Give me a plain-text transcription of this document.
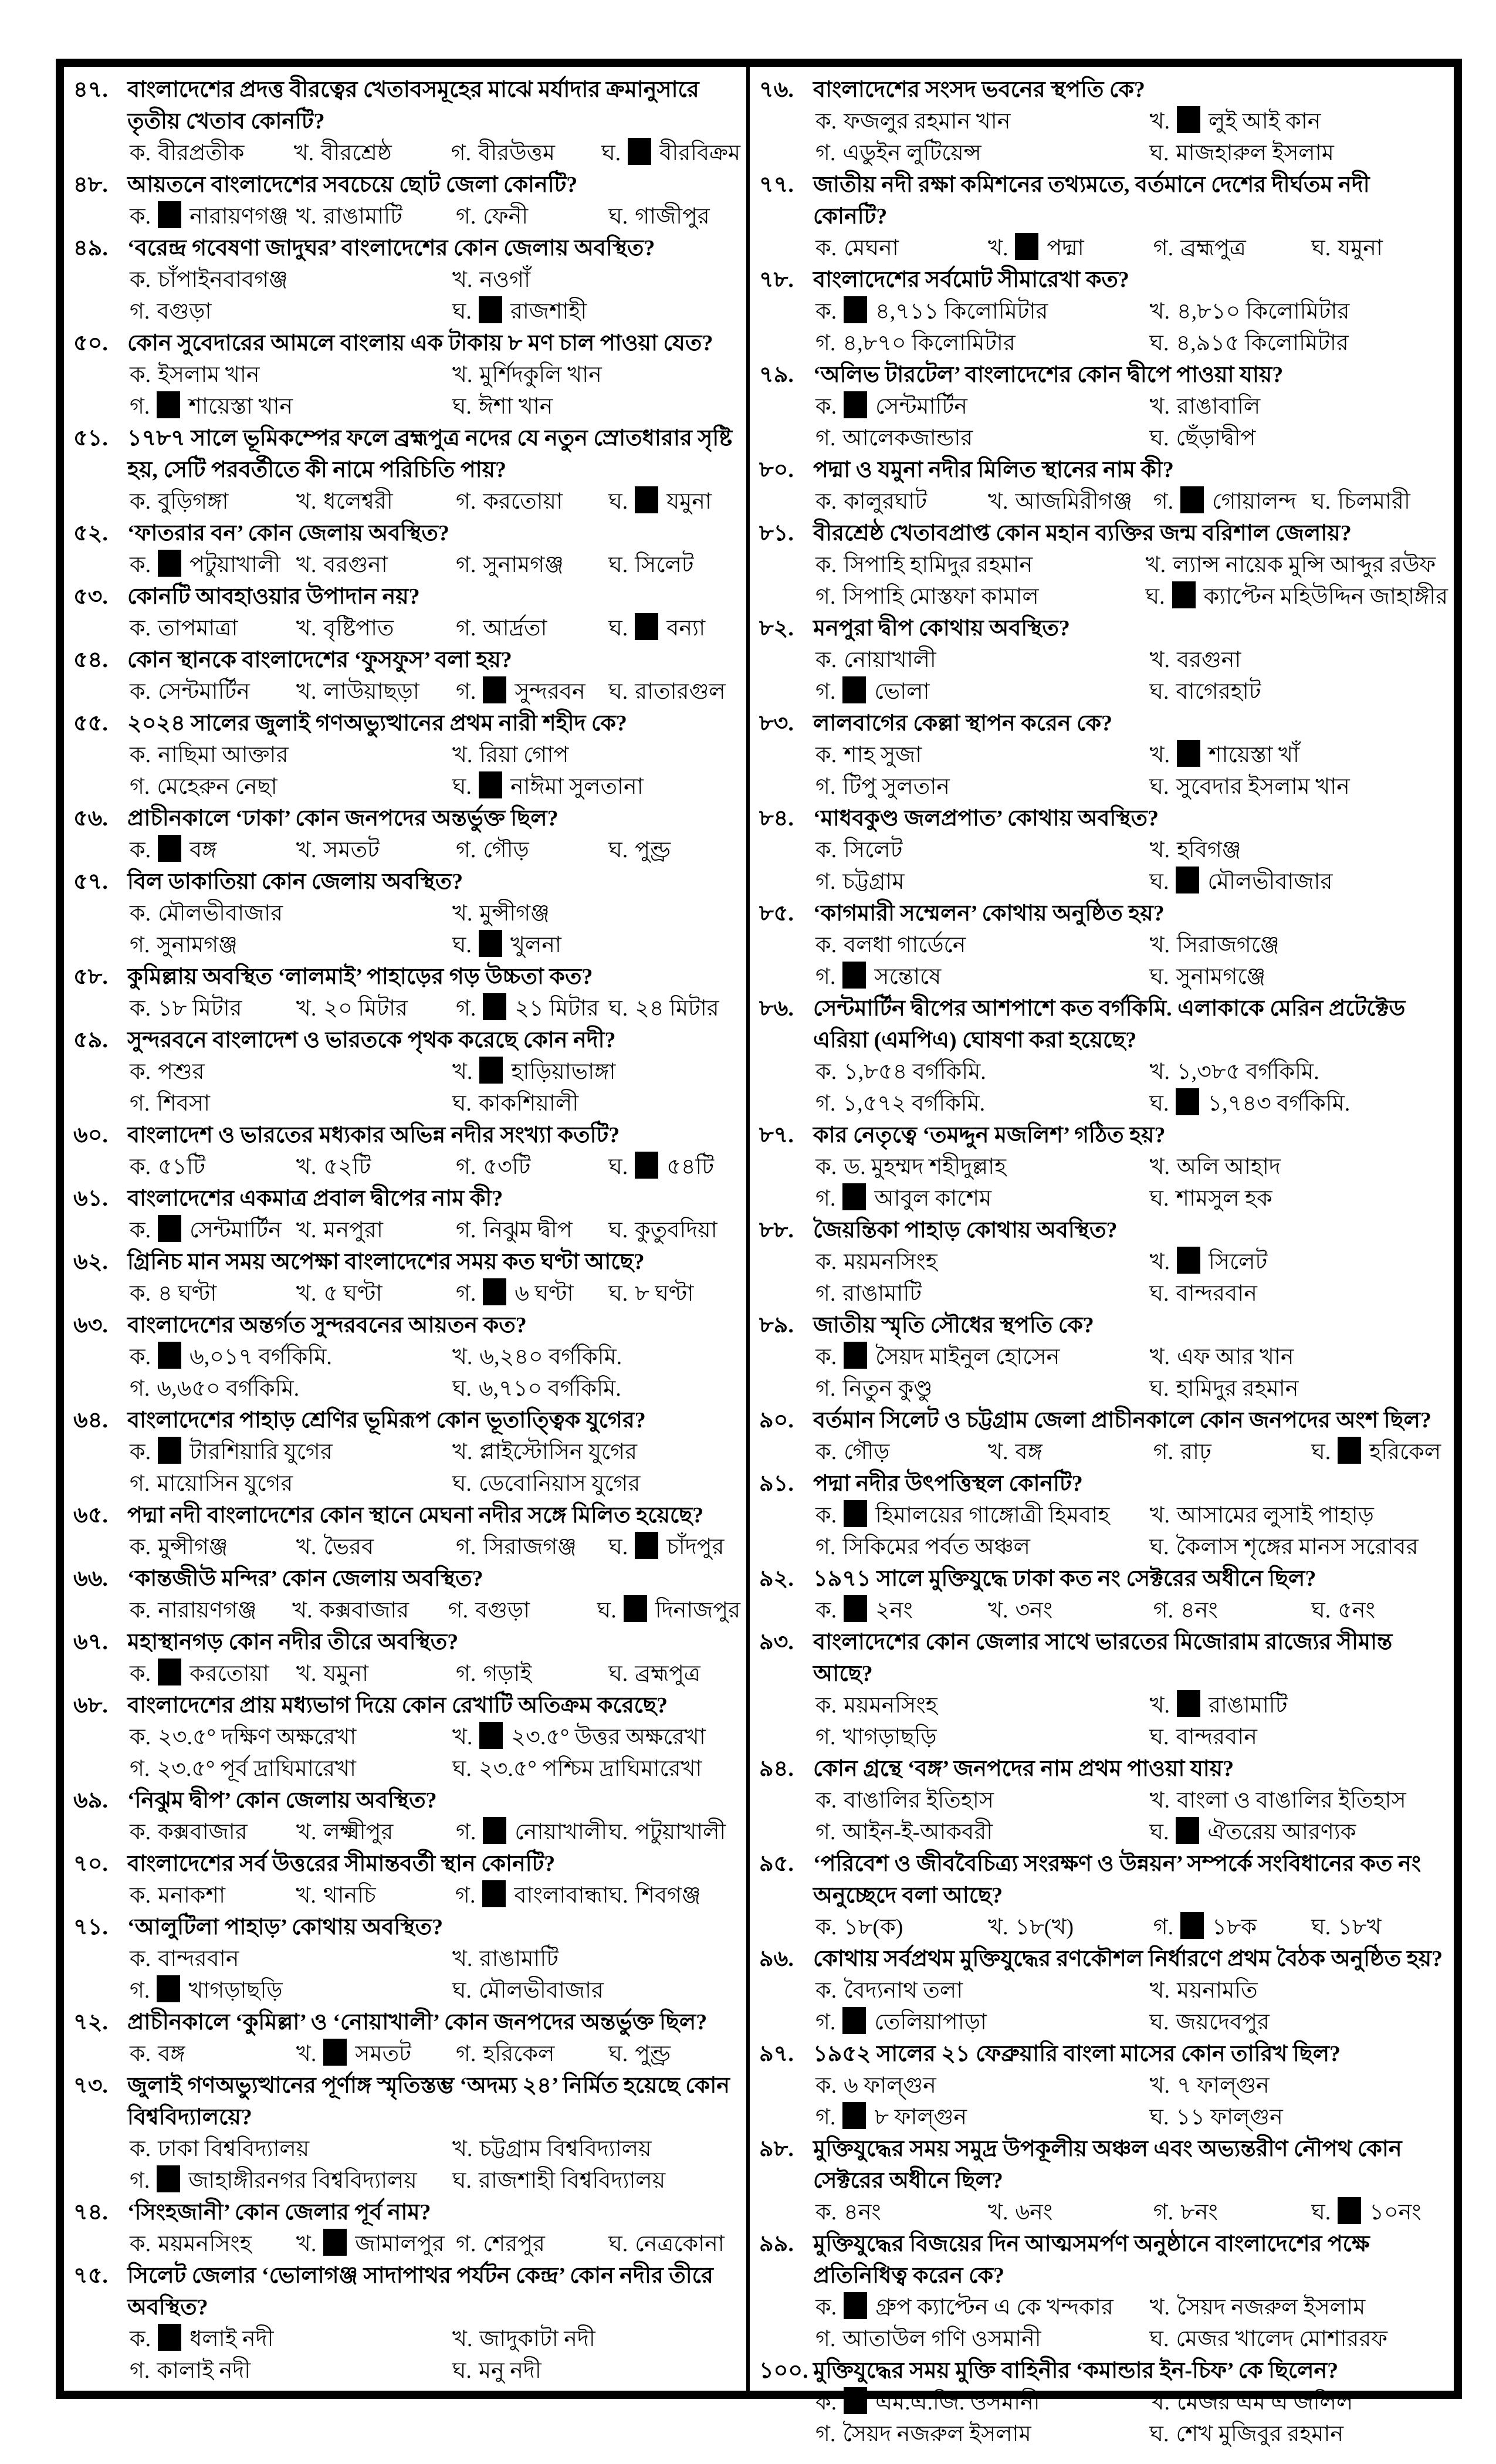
৪৭. বাংলাদেশের প্রদত্ত বীরত্বের খেতাবসমূহের মাঝে মর্যাদার ক্রমানুসারে তৃতীয় খেতাব কোনটি?
ক. বীরপ্রতীক	খ. বীরশ্রেষ্ঠ	গ. বীরউত্তম	ঘ. বীরবিক্রম
৪৮. আয়তনে বাংলাদেশের সবচেয়ে ছোট জেলা কোনটি?
ক. নারায়ণগঞ্জ খ. রাঙামাটি	গ. ফেনী	ঘ. গাজীপুর
৪৯. ‘বরেন্দ্র গবেষণা জাদুঘর’ বাংলাদেশের কোন জেলায় অবস্থিত?
ক. চাঁপাইনবাবগঞ্জ	খ. নওগাঁ
গ. বগুড়া	ঘ. রাজশাহী
৫০. কোন সুবেদারের আমলে বাংলায় এক টাকায় ৮ মণ চাল পাওয়া যেত?
ক. ইসলাম খান	খ. মুর্শিদকুলি খান
গ. শায়েস্তা খান	ঘ. ঈশা খান
৫১. ১৭৮৭ সালে ভূমিকম্পের ফলে ব্রহ্মপুত্র নদের যে নতুন স্রোতধারার সৃষ্টি হয়, সেটি পরবর্তীতে কী নামে পরিচিতি পায়?
ক. বুড়িগঙ্গা	খ. ধলেশ্বরী	গ. করতোয়া	ঘ. যমুনা
৫২. ‘ফাতরার বন’ কোন জেলায় অবস্থিত?
ক. পটুয়াখালী খ. বরগুনা	গ. সুনামগঞ্জ	ঘ. সিলেট
৫৩. কোনটি আবহাওয়ার উপাদান নয়?
ক. তাপমাত্রা	খ. বৃষ্টিপাত	গ. আর্দ্রতা	ঘ. বন্যা
৫৪. কোন স্থানকে বাংলাদেশের ‘ফুসফুস’ বলা হয়?
ক. সেন্টমার্টিন	খ. লাউয়াছড়া	গ. সুন্দরবন	ঘ. রাতারগুল
৫৫. ২০২৪ সালের জুলাই গণঅভ্যুত্থানের প্রথম নারী শহীদ কে?
ক. নাছিমা আক্তার	খ. রিয়া গোপ
গ. মেহেরুন নেছা	ঘ. নাঈমা সুলতানা
৫৬. প্রাচীনকালে ‘ঢাকা’ কোন জনপদের অন্তর্ভুক্ত ছিল?
ক. বঙ্গ	খ. সমতট	গ. গৌড়	ঘ. পুণ্ড্র
৫৭. বিল ডাকাতিয়া কোন জেলায় অবস্থিত?
ক. মৌলভীবাজার	খ. মুন্সীগঞ্জ
গ. সুনামগঞ্জ	ঘ. খুলনা
৫৮. কুমিল্লায় অবস্থিত ‘লালমাই’ পাহাড়ের গড় উচ্চতা কত?
ক. ১৮ মিটার	খ. ২০ মিটার	গ. ২১ মিটার ঘ. ২৪ মিটার
৫৯. সুন্দরবনে বাংলাদেশ ও ভারতকে পৃথক করেছে কোন নদী?
ক. পশুর	খ. হাড়িয়াভাঙ্গা
গ. শিবসা	ঘ. কাকশিয়ালী
৬০. বাংলাদেশ ও ভারতের মধ্যকার অভিন্ন নদীর সংখ্যা কতটি?
ক. ৫১টি	খ. ৫২টি	গ. ৫৩টি	ঘ. ৫৪টি
৬১. বাংলাদেশের একমাত্র প্রবাল দ্বীপের নাম কী?
ক. সেন্টমার্টিন খ. মনপুরা	গ. নিঝুম দ্বীপ	ঘ. কুতুবদিয়া
৬২. গ্রিনিচ মান সময় অপেক্ষা বাংলাদেশের সময় কত ঘণ্টা আছে?
ক. ৪ ঘণ্টা	খ. ৫ ঘণ্টা	গ. ৬ ঘণ্টা	ঘ. ৮ ঘণ্টা
৬৩. বাংলাদেশের অন্তর্গত সুন্দরবনের আয়তন কত?
ক. ৬,০১৭ বর্গকিমি.	খ. ৬,২৪০ বর্গকিমি.
গ. ৬,৬৫০ বর্গকিমি.	ঘ. ৬,৭১০ বর্গকিমি.
৬৪. বাংলাদেশের পাহাড় শ্রেণির ভূমিরূপ কোন ভূতাত্ত্বিক যুগের?
ক. টারশিয়ারি যুগের	খ. প্লাইস্টোসিন যুগের
গ. মায়োসিন যুগের	ঘ. ডেবোনিয়াস যুগের
৬৫. পদ্মা নদী বাংলাদেশের কোন স্থানে মেঘনা নদীর সঙ্গে মিলিত হয়েছে?
ক. মুন্সীগঞ্জ	খ. ভৈরব	গ. সিরাজগঞ্জ	ঘ. চাঁদপুর
৬৬. ‘কান্তজীউ মন্দির’ কোন জেলায় অবস্থিত?
ক. নারায়ণগঞ্জ	খ. কক্সবাজার	গ. বগুড়া	ঘ. দিনাজপুর
৬৭. মহাস্থানগড় কোন নদীর তীরে অবস্থিত?
ক. করতোয়া	খ. যমুনা	গ. গড়াই	ঘ. ব্রহ্মপুত্র
৬৮. বাংলাদেশের প্রায় মধ্যভাগ দিয়ে কোন রেখাটি অতিক্রম করেছে?
ক. ২৩.৫° দক্ষিণ অক্ষরেখা	খ. ২৩.৫° উত্তর অক্ষরেখা
গ. ২৩.৫° পূর্ব দ্রাঘিমারেখা	ঘ. ২৩.৫° পশ্চিম দ্রাঘিমারেখা
৬৯. ‘নিঝুম দ্বীপ’ কোন জেলায় অবস্থিত?
ক. কক্সবাজার	খ. লক্ষ্মীপুর	গ. নোয়াখালী ঘ. পটুয়াখালী
৭০. বাংলাদেশের সর্ব উত্তরের সীমান্তবর্তী স্থান কোনটি?
ক. মনাকশা	খ. থানচি	গ. বাংলাবান্ধা ঘ. শিবগঞ্জ
৭১. ‘আলুটিলা পাহাড়’ কোথায় অবস্থিত?
ক. বান্দরবান	খ. রাঙামাটি
গ. খাগড়াছড়ি	ঘ. মৌলভীবাজার
৭২. প্রাচীনকালে ‘কুমিল্লা’ ও ‘নোয়াখালী’ কোন জনপদের অন্তর্ভুক্ত ছিল?
ক. বঙ্গ	খ. সমতট	গ. হরিকেল	ঘ. পুণ্ড্র
৭৩. জুলাই গণঅভ্যুত্থানের পূর্ণাঙ্গ স্মৃতিস্তম্ভ ‘অদম্য ২৪’ নির্মিত হয়েছে কোন বিশ্ববিদ্যালয়ে?
ক. ঢাকা বিশ্ববিদ্যালয়	খ. চট্টগ্রাম বিশ্ববিদ্যালয়
গ. জাহাঙ্গীরনগর বিশ্ববিদ্যালয়	ঘ. রাজশাহী বিশ্ববিদ্যালয়
৭৪. ‘সিংহজানী’ কোন জেলার পূর্ব নাম?
ক. ময়মনসিংহ	খ. জামালপুর গ. শেরপুর	ঘ. নেত্রকোনা
৭৫. সিলেট জেলার ‘ভোলাগঞ্জ সাদাপাথর পর্যটন কেন্দ্র’ কোন নদীর তীরে অবস্থিত?
ক. ধলাই নদী	খ. জাদুকাটা নদী
গ. কালাই নদী	ঘ. মনু নদী
৭৬. বাংলাদেশের সংসদ ভবনের স্থপতি কে?
ক. ফজলুর রহমান খান	খ. লুই আই কান
গ. এডুইন লুটিয়েন্স	ঘ. মাজহারুল ইসলাম
৭৭. জাতীয় নদী রক্ষা কমিশনের তথ্যমতে, বর্তমানে দেশের দীর্ঘতম নদী কোনটি?
ক. মেঘনা	খ. পদ্মা	গ. ব্রহ্মপুত্র	ঘ. যমুনা
৭৮. বাংলাদেশের সর্বমোট সীমারেখা কত?
ক. ৪,৭১১ কিলোমিটার	খ. ৪,৮১০ কিলোমিটার
গ. ৪,৮৭০ কিলোমিটার	ঘ. ৪,৯১৫ কিলোমিটার
৭৯. ‘অলিভ টারটেল’ বাংলাদেশের কোন দ্বীপে পাওয়া যায়?
ক. সেন্টমার্টিন	খ. রাঙাবালি
গ. আলেকজান্ডার	ঘ. ছেঁড়াদ্বীপ
৮০. পদ্মা ও যমুনা নদীর মিলিত স্থানের নাম কী?
ক. কালুরঘাট	খ. আজমিরীগঞ্জ গ. গোয়ালন্দ ঘ. চিলমারী
৮১. বীরশ্রেষ্ঠ খেতাবপ্রাপ্ত কোন মহান ব্যক্তির জন্ম বরিশাল জেলায়?
ক. সিপাহি হামিদুর রহমান	খ. ল্যান্স নায়েক মুন্সি আব্দুর রউফ
গ. সিপাহি মোস্তফা কামাল	ঘ. ক্যাপ্টেন মহিউদ্দিন জাহাঙ্গীর
৮২. মনপুরা দ্বীপ কোথায় অবস্থিত?
ক. নোয়াখালী	খ. বরগুনা
গ. ভোলা	ঘ. বাগেরহাট
৮৩. লালবাগের কেল্লা স্থাপন করেন কে?
ক. শাহ সুজা	খ. শায়েস্তা খাঁ
গ. টিপু সুলতান	ঘ. সুবেদার ইসলাম খান
৮৪. ‘মাধবকুণ্ড জলপ্রপাত’ কোথায় অবস্থিত?
ক. সিলেট	খ. হবিগঞ্জ
গ. চট্টগ্রাম	ঘ. মৌলভীবাজার
৮৫. ‘কাগমারী সম্মেলন’ কোথায় অনুষ্ঠিত হয়?
ক. বলধা গার্ডেনে	খ. সিরাজগঞ্জে
গ. সন্তোষে	ঘ. সুনামগঞ্জে
৮৬. সেন্টমার্টিন দ্বীপের আশপাশে কত বর্গকিমি. এলাকাকে মেরিন প্রটেক্টেড এরিয়া (এমপিএ) ঘোষণা করা হয়েছে?
ক. ১,৮৫৪ বর্গকিমি.	খ. ১,৩৮৫ বর্গকিমি.
গ. ১,৫৭২ বর্গকিমি.	ঘ. ১,৭৪৩ বর্গকিমি.
৮৭. কার নেতৃত্বে ‘তমদ্দুন মজলিশ’ গঠিত হয়?
ক. ড. মুহম্মদ শহীদুল্লাহ	খ. অলি আহাদ
গ. আবুল কাশেম	ঘ. শামসুল হক
৮৮. জৈয়ন্তিকা পাহাড় কোথায় অবস্থিত?
ক. ময়মনসিংহ	খ. সিলেট
গ. রাঙামাটি	ঘ. বান্দরবান
৮৯. জাতীয় স্মৃতি সৌধের স্থপতি কে?
ক. সৈয়দ মাইনুল হোসেন	খ. এফ আর খান
গ. নিতুন কুণ্ডু	ঘ. হামিদুর রহমান
৯০. বর্তমান সিলেট ও চট্টগ্রাম জেলা প্রাচীনকালে কোন জনপদের অংশ ছিল?
ক. গৌড়	খ. বঙ্গ	গ. রাঢ়	ঘ. হরিকেল
৯১. পদ্মা নদীর উৎপত্তিস্থল কোনটি?
ক. হিমালয়ের গাঙ্গোত্রী হিমবাহ	খ. আসামের লুসাই পাহাড়
গ. সিকিমের পর্বত অঞ্চল	ঘ. কৈলাস শৃঙ্গের মানস সরোবর
৯২. ১৯৭১ সালে মুক্তিযুদ্ধে ঢাকা কত নং সেক্টরের অধীনে ছিল?
ক. ২নং	খ. ৩নং	গ. ৪নং	ঘ. ৫নং
৯৩. বাংলাদেশের কোন জেলার সাথে ভারতের মিজোরাম রাজ্যের সীমান্ত আছে?
ক. ময়মনসিংহ	খ. রাঙামাটি
গ. খাগড়াছড়ি	ঘ. বান্দরবান
৯৪. কোন গ্রন্থে ‘বঙ্গ’ জনপদের নাম প্রথম পাওয়া যায়?
ক. বাঙালির ইতিহাস	খ. বাংলা ও বাঙালির ইতিহাস
গ. আইন-ই-আকবরী	ঘ. ঐতরেয় আরণ্যক
৯৫. ‘পরিবেশ ও জীববৈচিত্র্য সংরক্ষণ ও উন্নয়ন’ সম্পর্কে সংবিধানের কত নং অনুচ্ছেদে বলা আছে?
ক. ১৮(ক)	খ. ১৮(খ)	গ. ১৮ক	ঘ. ১৮খ
৯৬. কোথায় সর্বপ্রথম মুক্তিযুদ্ধের রণকৌশল নির্ধারণে প্রথম বৈঠক অনুষ্ঠিত হয়?
ক. বৈদ্যনাথ তলা	খ. ময়নামতি
গ. তেলিয়াপাড়া	ঘ. জয়দেবপুর
৯৭. ১৯৫২ সালের ২১ ফেব্রুয়ারি বাংলা মাসের কোন তারিখ ছিল?
ক. ৬ ফাল্গুন	খ. ৭ ফাল্গুন
গ. ৮ ফাল্গুন	ঘ. ১১ ফাল্গুন
৯৮. মুক্তিযুদ্ধের সময় সমুদ্র উপকূলীয় অঞ্চল এবং অভ্যন্তরীণ নৌপথ কোন সেক্টরের অধীনে ছিল?
ক. ৪নং	খ. ৬নং	গ. ৮নং	ঘ. ১০নং
৯৯. মুক্তিযুদ্ধের বিজয়ের দিন আত্মসমর্পণ অনুষ্ঠানে বাংলাদেশের পক্ষে প্রতিনিধিত্ব করেন কে?
ক. গ্রুপ ক্যাপ্টেন এ কে খন্দকার	খ. সৈয়দ নজরুল ইসলাম
গ. আতাউল গণি ওসমানী	ঘ. মেজর খালেদ মোশাররফ
১০০. মুক্তিযুদ্ধের সময় মুক্তি বাহিনীর ‘কমান্ডার ইন-চিফ’ কে ছিলেন?
ক. এম.এ.জি. ওসমানী	খ. মেজর এম এ জলিল
গ. সৈয়দ নজরুল ইসলাম	ঘ. শেখ মুজিবুর রহমান
